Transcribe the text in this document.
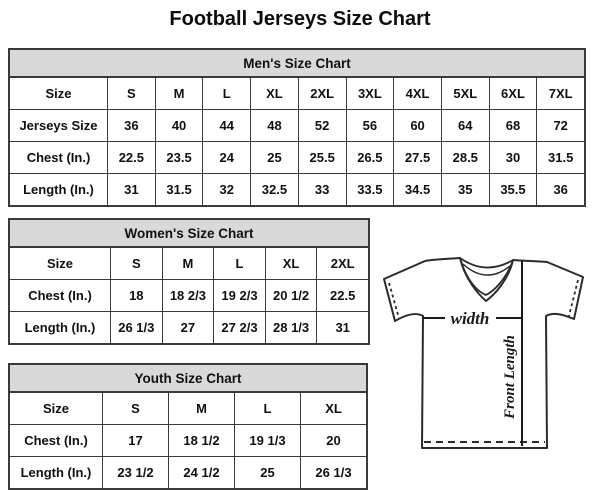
Football Jerseys Size Chart
Men's Size Chart
Size	S	M	L	XL	2XL	3XL	4XL	5XL	6XL	7XL
Jerseys Size	36	40	44	48	52	56	60	64	68	72
Chest (In.)	22.5	23.5	24	25	25.5	26.5	27.5	28.5	30	31.5
Length (In.)	31	31.5	32	32.5	33	33.5	34.5	35	35.5	36
Women's Size Chart
Size	S	M	L	XL	2XL
Chest (In.)	18	18 2/3	19 2/3	20 1/2	22.5
Length (In.)	26 1/3	27	27 2/3	28 1/3	31
Youth Size Chart
Size	S	M	L	XL
Chest (In.)	17	18 1/2	19 1/3	20
Length (In.)	23 1/2	24 1/2	25	26 1/3
width
Front Length
